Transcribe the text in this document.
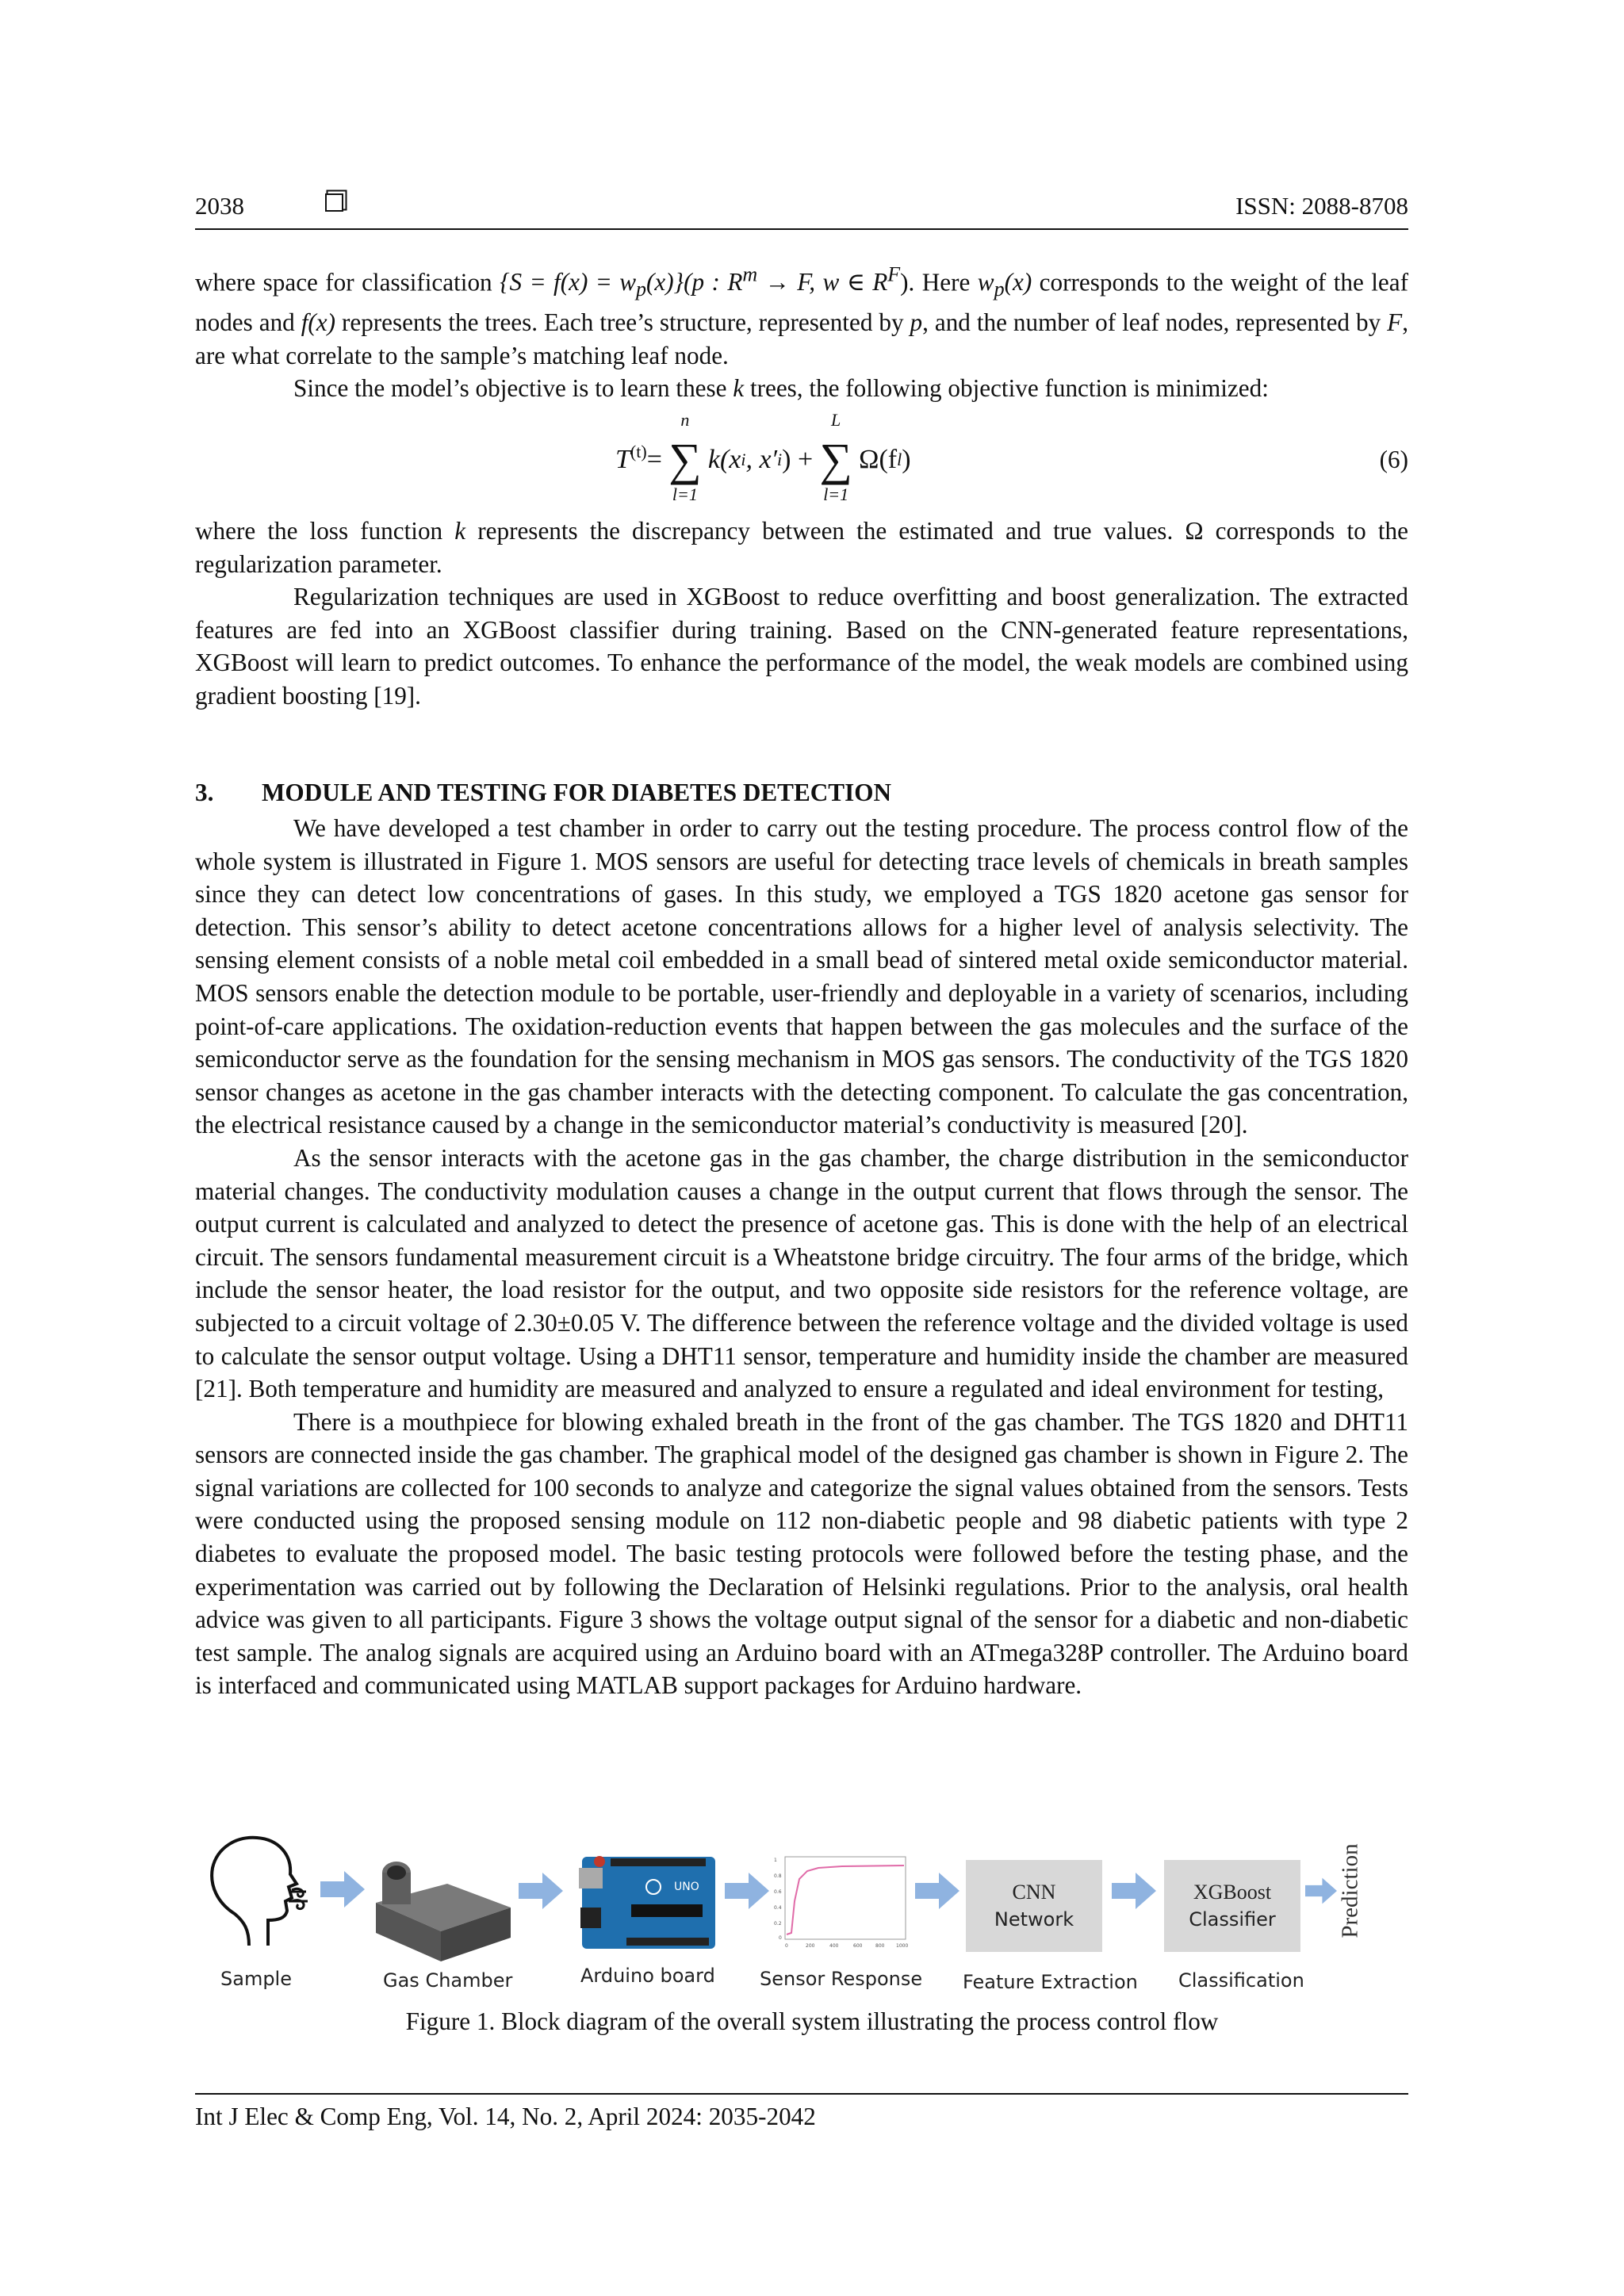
2038	ISSN: 2088-8708

where space for classification $\{S = f(x) = w_p(x)\}(p$ : $R^m \to F$, w ∈ $R^F$). Here $w_p(x)$ corresponds to the weight of the leaf nodes and f(x) represents the trees. Each tree’s structure, represented by p, and the number of leaf nodes, represented by F, are what correlate to the sample’s matching leaf node.

Since the model’s objective is to learn these k trees, the following objective function is minimized:

$T^{(t)}$ =
n
∑
l=1
k(x i , x′ i ) +
L
∑
l=1
Ω(f l )	(6)

where the loss function k represents the discrepancy between the estimated and true values. Ω corresponds to the regularization parameter.

Regularization techniques are used in XGBoost to reduce overfitting and boost generalization. The extracted features are fed into an XGBoost classifier during training. Based on the CNN-generated feature representations, XGBoost will learn to predict outcomes. To enhance the performance of the model, the weak models are combined using gradient boosting [19].

3. MODULE AND TESTING FOR DIABETES DETECTION

We have developed a test chamber in order to carry out the testing procedure. The process control flow of the whole system is illustrated in Figure 1. MOS sensors are useful for detecting trace levels of chemicals in breath samples since they can detect low concentrations of gases. In this study, we employed a TGS 1820 acetone gas sensor for detection. This sensor’s ability to detect acetone concentrations allows for a higher level of analysis selectivity. The sensing element consists of a noble metal coil embedded in a small bead of sintered metal oxide semiconductor material. MOS sensors enable the detection module to be portable, user-friendly and deployable in a variety of scenarios, including point-of-care applications. The oxidation-reduction events that happen between the gas molecules and the surface of the semiconductor serve as the foundation for the sensing mechanism in MOS gas sensors. The conductivity of the TGS 1820 sensor changes as acetone in the gas chamber interacts with the detecting component. To calculate the gas concentration, the electrical resistance caused by a change in the semiconductor material’s conductivity is measured [20].

As the sensor interacts with the acetone gas in the gas chamber, the charge distribution in the semiconductor material changes. The conductivity modulation causes a change in the output current that flows through the sensor. The output current is calculated and analyzed to detect the presence of acetone gas. This is done with the help of an electrical circuit. The sensors fundamental measurement circuit is a Wheatstone bridge circuitry. The four arms of the bridge, which include the sensor heater, the load resistor for the output, and two opposite side resistors for the reference voltage, are subjected to a circuit voltage of 2.30±0.05 V. The difference between the reference voltage and the divided voltage is used to calculate the sensor output voltage. Using a DHT11 sensor, temperature and humidity inside the chamber are measured [21]. Both temperature and humidity are measured and analyzed to ensure a regulated and ideal environment for testing,

There is a mouthpiece for blowing exhaled breath in the front of the gas chamber. The TGS 1820 and DHT11 sensors are connected inside the gas chamber. The graphical model of the designed gas chamber is shown in Figure 2. The signal variations are collected for 100 seconds to analyze and categorize the signal values obtained from the sensors. Tests were conducted using the proposed sensing module on 112 non-diabetic people and 98 diabetic patients with type 2 diabetes to evaluate the proposed model. The basic testing protocols were followed before the testing phase, and the experimentation was carried out by following the Declaration of Helsinki regulations. Prior to the analysis, oral health advice was given to all participants. Figure 3 shows the voltage output signal of the sensor for a diabetic and non-diabetic test sample. The analog signals are acquired using an Arduino board with an ATmega328P controller. The Arduino board is interfaced and communicated using MATLAB support packages for Arduino hardware.

Sample	Gas Chamber
UNO
Arduino board
1
0.8
0.6
0.4
0.2
0
0	200	400	600	800 1000
Sensor Response
CNN
Network
Feature Extraction
XGBoost
Classifier
Classification
Prediction
Figure 1. Block diagram of the overall system illustrating the process control flow
Int J Elec & Comp Eng, Vol. 14, No. 2, April 2024: 2035-2042
